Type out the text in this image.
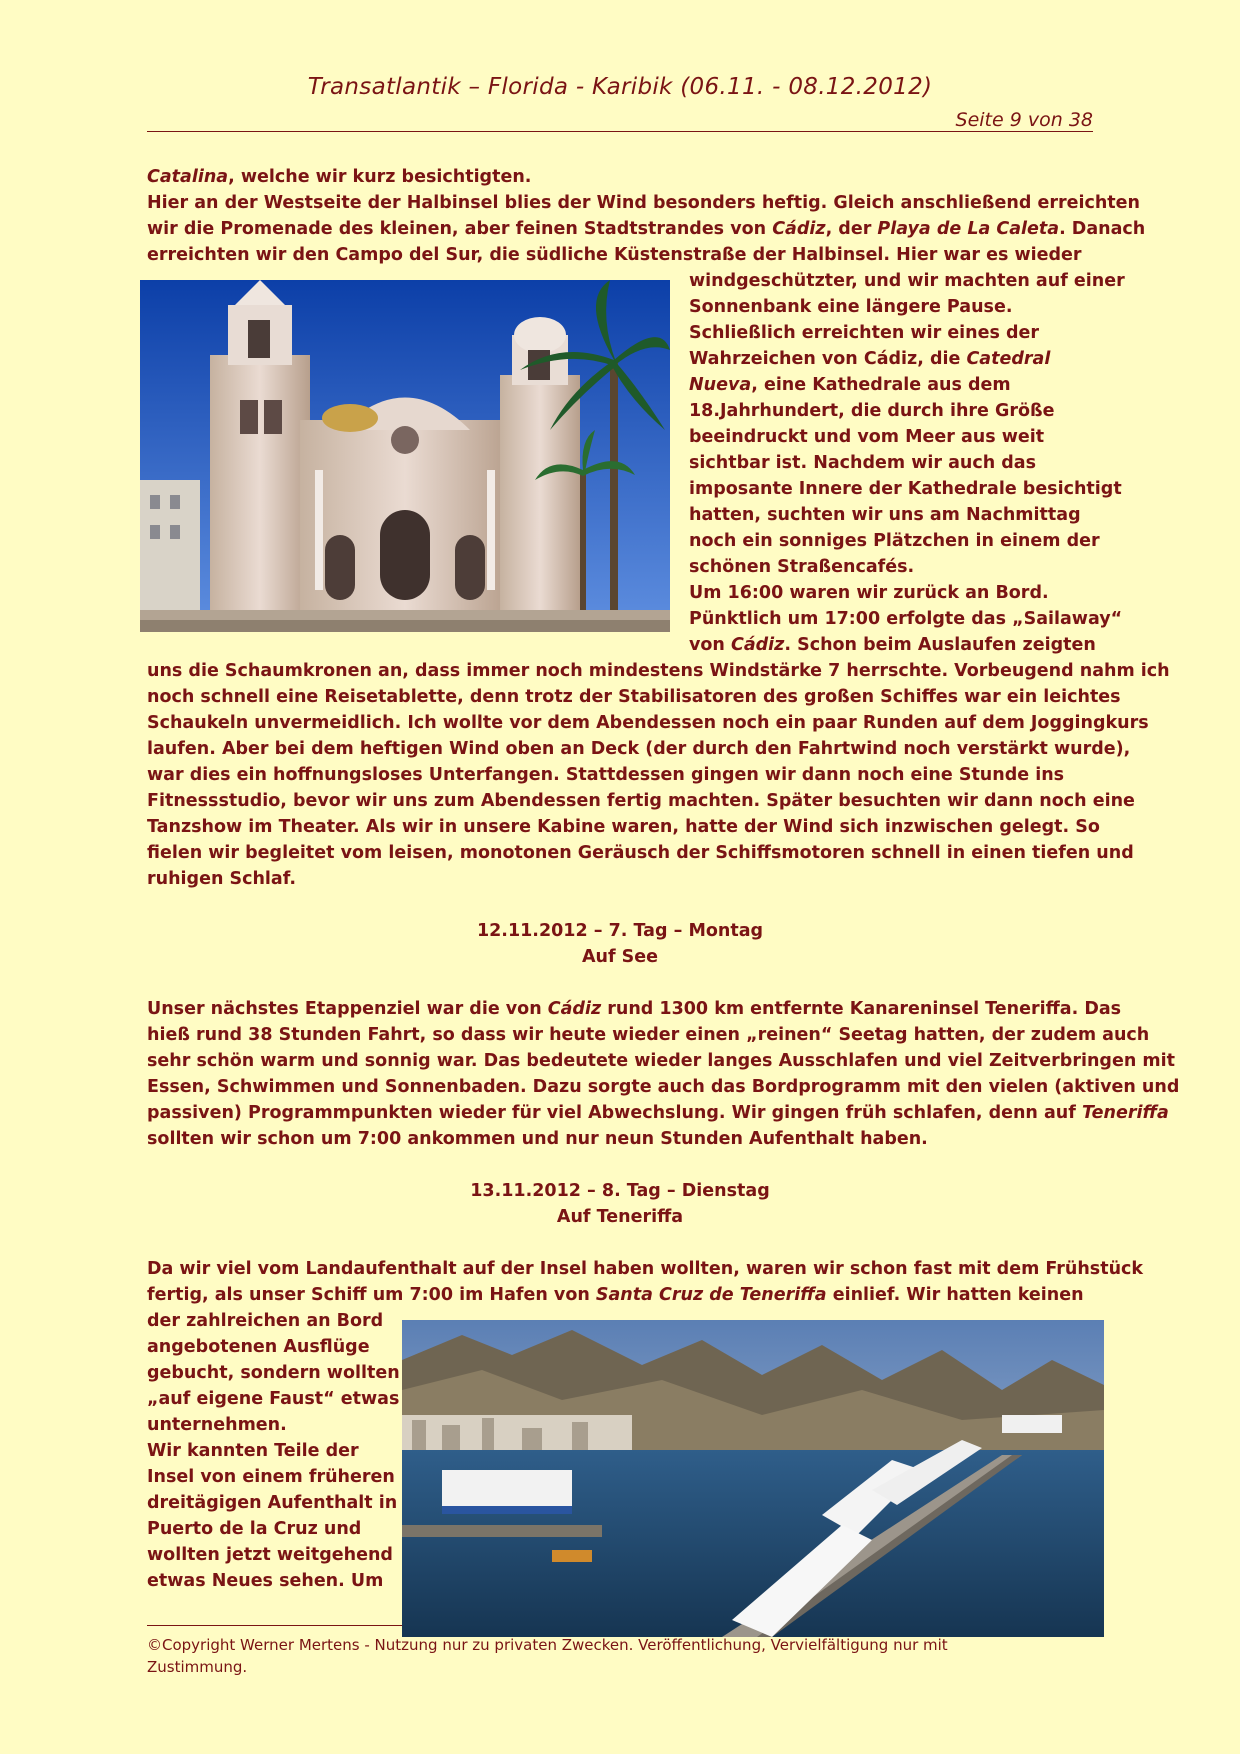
Transatlantik – Florida - Karibik (06.11. - 08.12.2012)
Seite 9 von 38
Catalina, welche wir kurz besichtigten.
Hier an der Westseite der Halbinsel blies der Wind besonders heftig. Gleich anschließend erreichten
wir die Promenade des kleinen, aber feinen Stadtstrandes von Cádiz, der Playa de La Caleta. Danach
erreichten wir den Campo del Sur, die südliche Küstenstraße der Halbinsel. Hier war es wieder
windgeschützter, und wir machten auf einer
Sonnenbank eine längere Pause.
Schließlich erreichten wir eines der
Wahrzeichen von Cádiz, die Catedral
Nueva, eine Kathedrale aus dem
18.Jahrhundert, die durch ihre Größe
beeindruckt und vom Meer aus weit
sichtbar ist. Nachdem wir auch das
imposante Innere der Kathedrale besichtigt
hatten, suchten wir uns am Nachmittag
noch ein sonniges Plätzchen in einem der
schönen Straßencafés.
Um 16:00 waren wir zurück an Bord.
Pünktlich um 17:00 erfolgte das „Sailaway“
von Cádiz. Schon beim Auslaufen zeigten
uns die Schaumkronen an, dass immer noch mindestens Windstärke 7 herrschte. Vorbeugend nahm ich
noch schnell eine Reisetablette, denn trotz der Stabilisatoren des großen Schiffes war ein leichtes
Schaukeln unvermeidlich. Ich wollte vor dem Abendessen noch ein paar Runden auf dem Joggingkurs
laufen. Aber bei dem heftigen Wind oben an Deck (der durch den Fahrtwind noch verstärkt wurde),
war dies ein hoffnungsloses Unterfangen. Stattdessen gingen wir dann noch eine Stunde ins
Fitnessstudio, bevor wir uns zum Abendessen fertig machten. Später besuchten wir dann noch eine
Tanzshow im Theater. Als wir in unsere Kabine waren, hatte der Wind sich inzwischen gelegt. So
fielen wir begleitet vom leisen, monotonen Geräusch der Schiffsmotoren schnell in einen tiefen und
ruhigen Schlaf.
12.11.2012 – 7. Tag – Montag
Auf See
Unser nächstes Etappenziel war die von Cádiz rund 1300 km entfernte Kanareninsel Teneriffa. Das
hieß rund 38 Stunden Fahrt, so dass wir heute wieder einen „reinen“ Seetag hatten, der zudem auch
sehr schön warm und sonnig war. Das bedeutete wieder langes Ausschlafen und viel Zeitverbringen mit
Essen, Schwimmen und Sonnenbaden. Dazu sorgte auch das Bordprogramm mit den vielen (aktiven und
passiven) Programmpunkten wieder für viel Abwechslung. Wir gingen früh schlafen, denn auf Teneriffa
sollten wir schon um 7:00 ankommen und nur neun Stunden Aufenthalt haben.
13.11.2012 – 8. Tag – Dienstag
Auf Teneriffa
Da wir viel vom Landaufenthalt auf der Insel haben wollten, waren wir schon fast mit dem Frühstück
fertig, als unser Schiff um 7:00 im Hafen von Santa Cruz de Teneriffa einlief. Wir hatten keinen
der zahlreichen an Bord
angebotenen Ausflüge
gebucht, sondern wollten
„auf eigene Faust“ etwas
unternehmen.
Wir kannten Teile der
Insel von einem früheren
dreitägigen Aufenthalt in
Puerto de la Cruz und
wollten jetzt weitgehend
etwas Neues sehen. Um
©Copyright Werner Mertens - Nutzung nur zu privaten Zwecken. Veröffentlichung, Vervielfältigung nur mit
Zustimmung.
